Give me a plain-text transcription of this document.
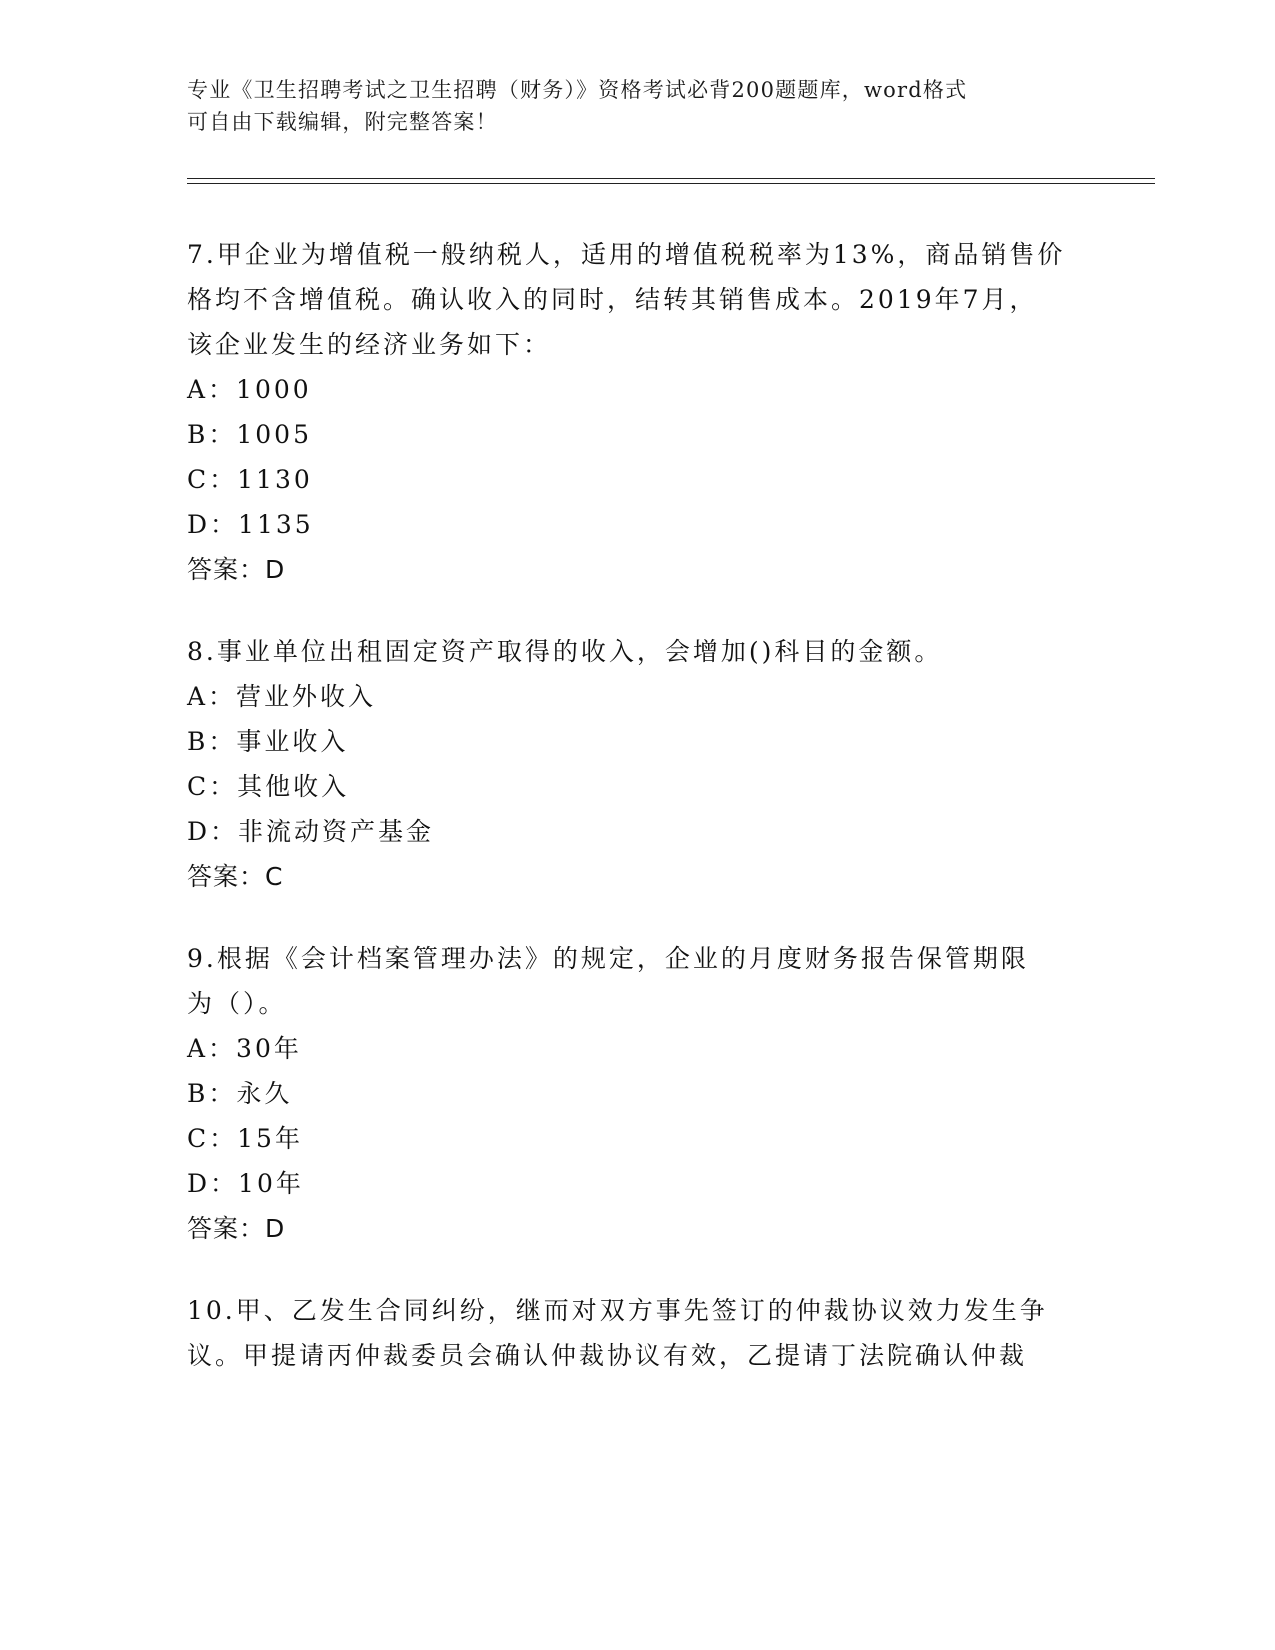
专业《卫生招聘考试之卫生招聘（财务）》资格考试必背200题题库，word格式
可自由下载编辑，附完整答案！
7.甲企业为增值税一般纳税人，适用的增值税税率为13%，商品销售价
格均不含增值税。确认收入的同时，结转其销售成本。2019年7月，
该企业发生的经济业务如下：
A：1000
B：1005
C：1130
D：1135
答案：D
8.事业单位出租固定资产取得的收入，会增加()科目的金额。
A：营业外收入
B：事业收入
C：其他收入
D：非流动资产基金
答案：C
9.根据《会计档案管理办法》的规定，企业的月度财务报告保管期限
为（）。
A：30年
B：永久
C：15年
D：10年
答案：D
10.甲、乙发生合同纠纷，继而对双方事先签订的仲裁协议效力发生争
议。甲提请丙仲裁委员会确认仲裁协议有效，乙提请丁法院确认仲裁
